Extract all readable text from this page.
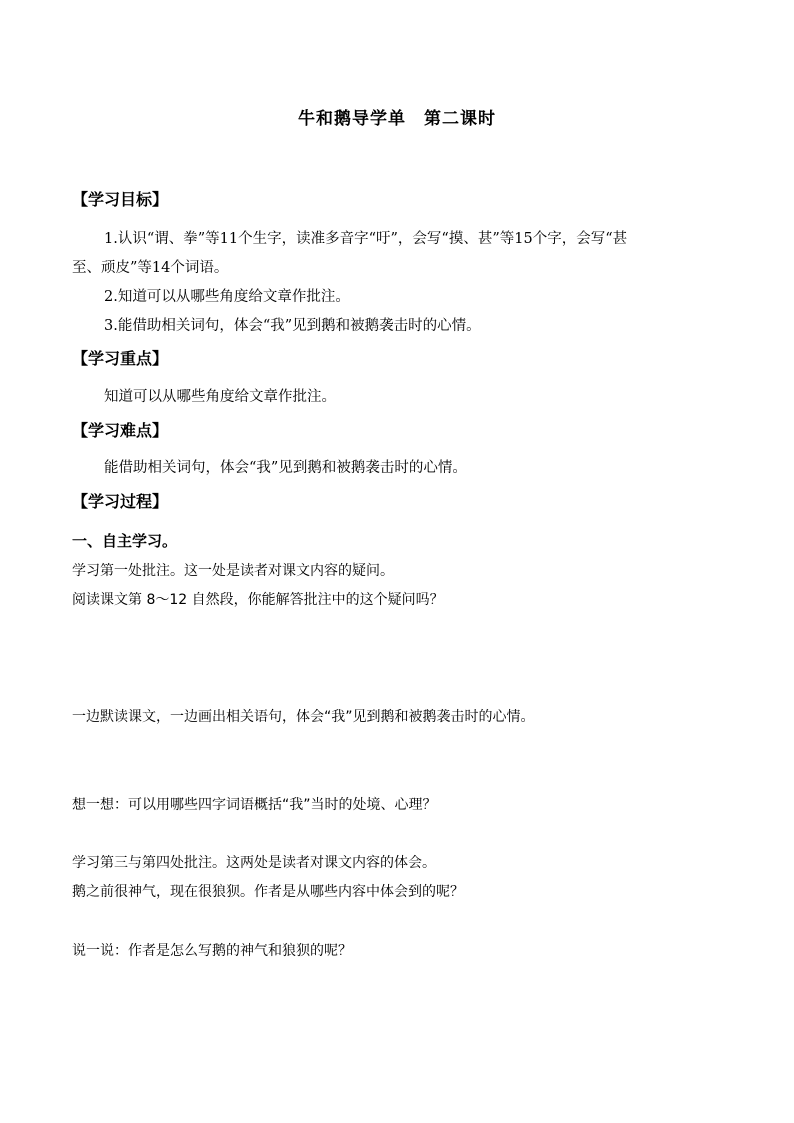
牛和鹅导学单　第二课时
【学习目标】
1.认识“谓、拳”等11个生字，读准多音字“吁”，会写“摸、甚”等15个字，会写“甚
至、顽皮”等14个词语。
2.知道可以从哪些角度给文章作批注。
3.能借助相关词句，体会“我”见到鹅和被鹅袭击时的心情。
【学习重点】
知道可以从哪些角度给文章作批注。
【学习难点】
能借助相关词句，体会“我”见到鹅和被鹅袭击时的心情。
【学习过程】
一、自主学习。
学习第一处批注。这一处是读者对课文内容的疑问。
阅读课文第 8～12 自然段，你能解答批注中的这个疑问吗？
一边默读课文，一边画出相关语句，体会“我”见到鹅和被鹅袭击时的心情。
想一想：可以用哪些四字词语概括“我”当时的处境、心理？
学习第三与第四处批注。这两处是读者对课文内容的体会。
鹅之前很神气，现在很狼狈。作者是从哪些内容中体会到的呢？
说一说：作者是怎么写鹅的神气和狼狈的呢？
